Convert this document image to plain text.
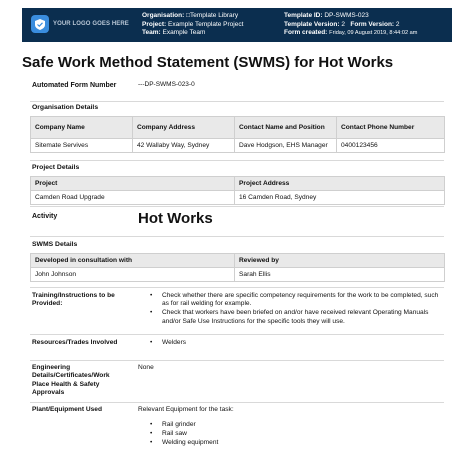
YOUR LOGO GOES HERE
Organisation: □Template Library
Project: Example Template Project
Team: Example Team
Template ID: DP-SWMS-023
Template Version: 2 Form Version: 2
Form created: Friday, 09 August 2019, 8:44:02 am
Safe Work Method Statement (SWMS) for Hot Works
Automated Form Number	---DP-SWMS-023-0
Organisation Details
Company Name	Company Address	Contact Name and Position	Contact Phone Number
Sitemate Servives	42 Wallaby Way, Sydney	Dave Hodgson, EHS Manager	0400123456
Project Details
Project	Project Address
Camden Road Upgrade	16 Camden Road, Sydney
Activity	Hot Works
SWMS Details
Developed in consultation with	Reviewed by
John Johnson	Sarah Ellis
Training/Instructions to be Provided:
• Check whether there are specific competency requirements for the work to be completed, such as for rail welding for example.
• Check that workers have been briefed on and/or have received relevant Operating Manuals and/or Safe Use Instructions for the specific tools they will use.
Resources/Trades Involved	• Welders
Engineering Details/Certificates/Work Place Health & Safety Approvals
None
Plant/Equipment Used	Relevant Equipment for the task:
• Rail grinder
• Rail saw
• Welding equipment
